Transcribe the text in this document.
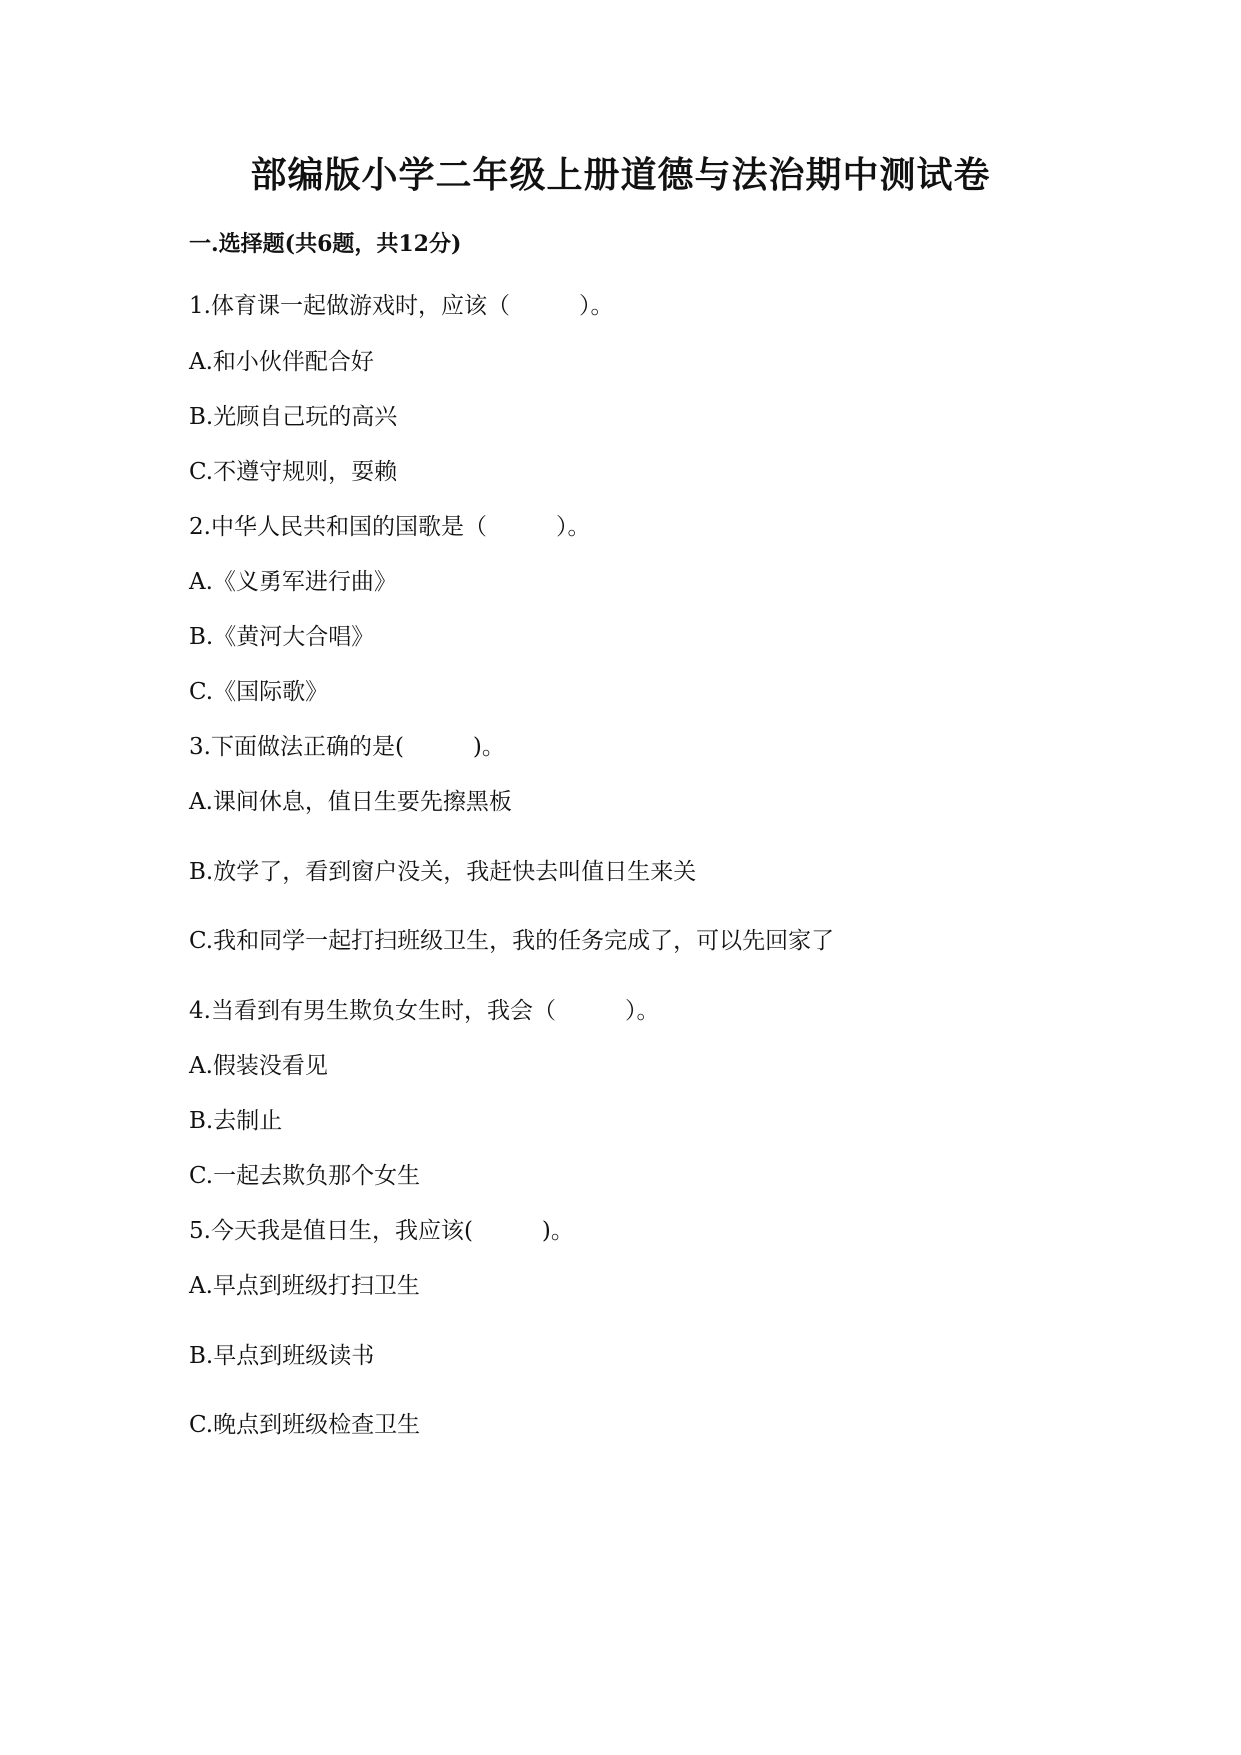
部编版小学二年级上册道德与法治期中测试卷
一.选择题(共6题，共12分)
1.体育课一起做游戏时，应该（　　　）。
A.和小伙伴配合好
B.光顾自己玩的高兴
C.不遵守规则，耍赖
2.中华人民共和国的国歌是（　　　）。
A.《义勇军进行曲》
B.《黄河大合唱》
C.《国际歌》
3.下面做法正确的是(　　　)。
A.课间休息，值日生要先擦黑板
B.放学了，看到窗户没关，我赶快去叫值日生来关
C.我和同学一起打扫班级卫生，我的任务完成了，可以先回家了
4.当看到有男生欺负女生时，我会（　　　）。
A.假装没看见
B.去制止
C.一起去欺负那个女生
5.今天我是值日生，我应该(　　　)。
A.早点到班级打扫卫生
B.早点到班级读书
C.晚点到班级检查卫生
